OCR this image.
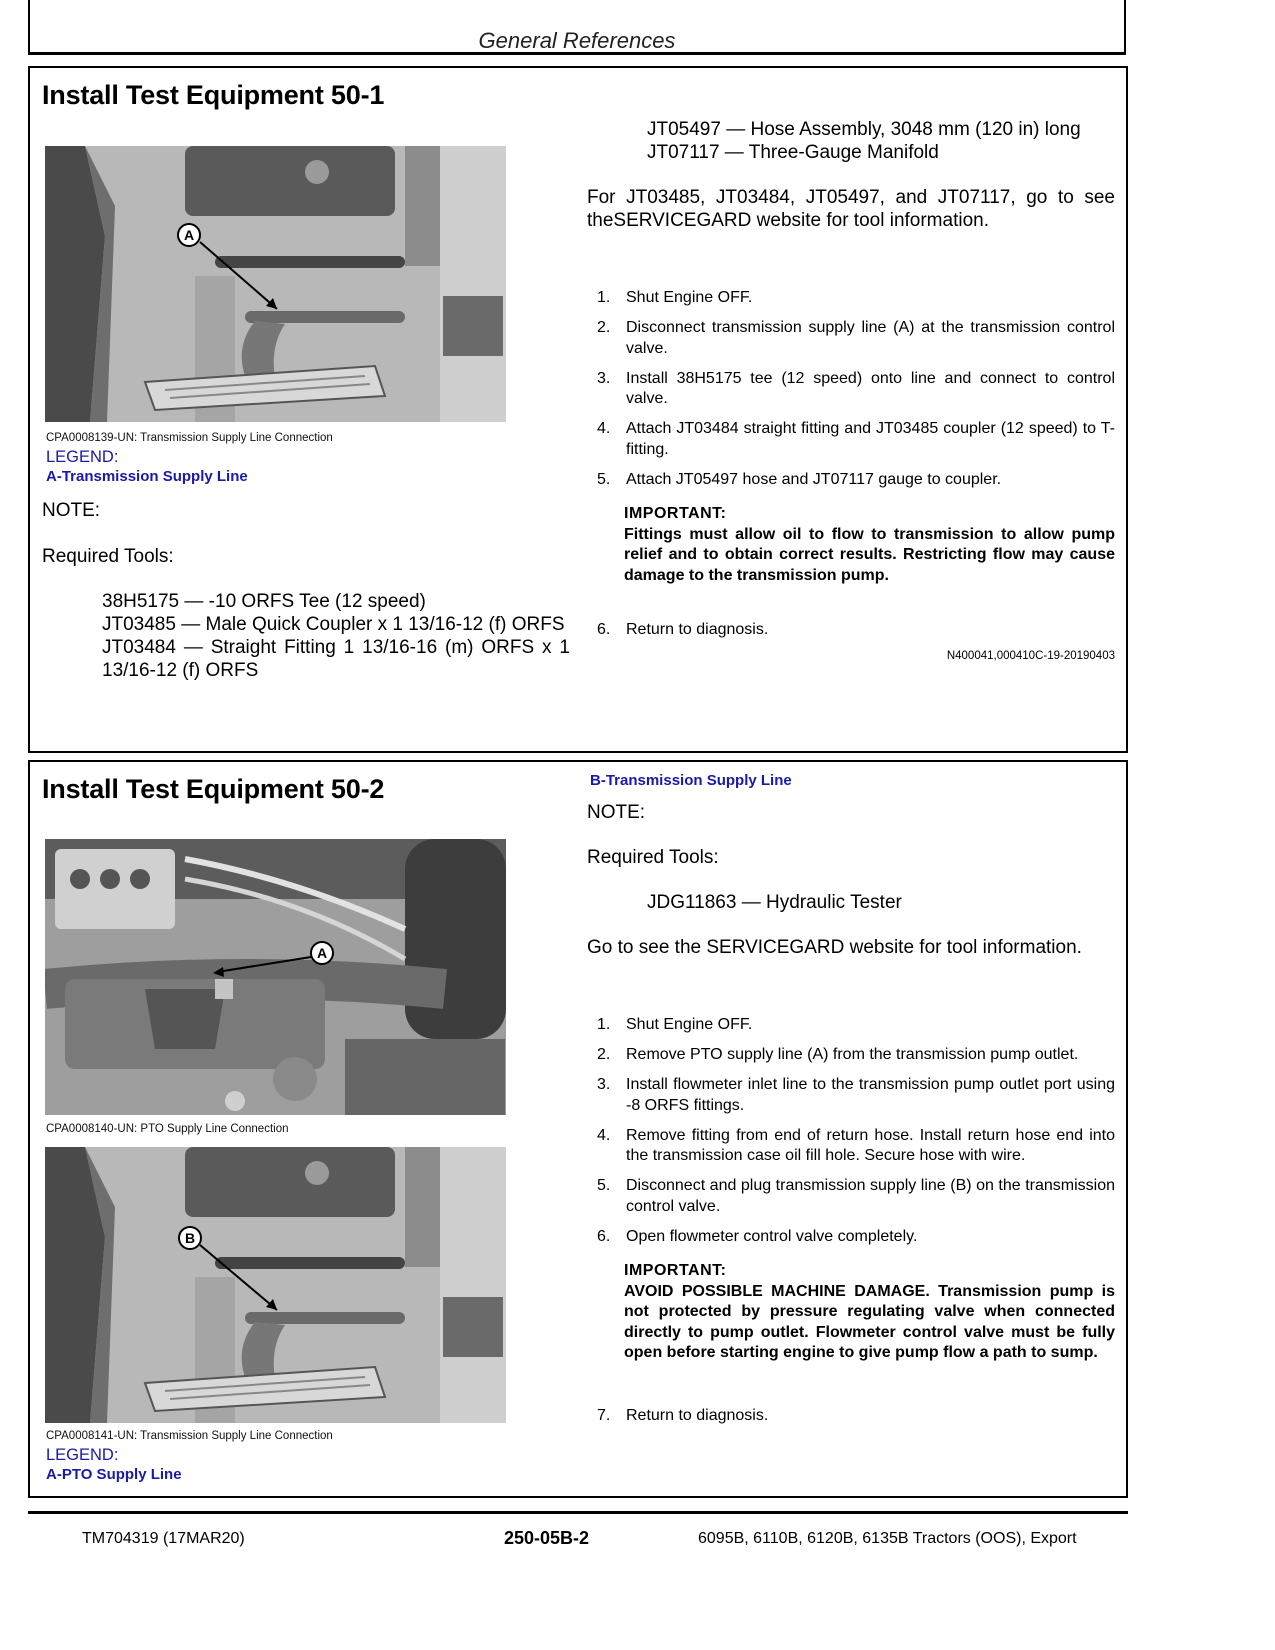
General References
Install Test Equipment 50-1
A
CPA0008139-UN: Transmission Supply Line Connection
LEGEND:
A-Transmission Supply Line
NOTE:
Required Tools:
38H5175 — -10 ORFS Tee (12 speed)
JT03485 — Male Quick Coupler x 1 13/16-12 (f) ORFS
JT03484 — Straight Fitting 1 13/16-16 (m) ORFS x 1 13/16-12 (f) ORFS
JT05497 — Hose Assembly, 3048 mm (120 in) long
JT07117 — Three-Gauge Manifold
For JT03485, JT03484, JT05497, and JT07117, go to see theSERVICEGARD website for tool information.
1. Shut Engine OFF.
2. Disconnect transmission supply line (A) at the transmission control valve.
3. Install 38H5175 tee (12 speed) onto line and connect to control valve.
4. Attach JT03484 straight fitting and JT03485 coupler (12 speed) to T-fitting.
5. Attach JT05497 hose and JT07117 gauge to coupler.
IMPORTANT:
Fittings must allow oil to flow to transmission to allow pump relief and to obtain correct results. Restricting flow may cause damage to the transmission pump.
6. Return to diagnosis.
N400041,000410C-19-20190403
Install Test Equipment 50-2
A
CPA0008140-UN: PTO Supply Line Connection
B
CPA0008141-UN: Transmission Supply Line Connection
LEGEND:
A-PTO Supply Line
B-Transmission Supply Line
NOTE:
Required Tools:
JDG11863 — Hydraulic Tester
Go to see the SERVICEGARD website for tool information.
1. Shut Engine OFF.
2. Remove PTO supply line (A) from the transmission pump outlet.
3. Install flowmeter inlet line to the transmission pump outlet port using -8 ORFS fittings.
4. Remove fitting from end of return hose. Install return hose end into the transmission case oil fill hole. Secure hose with wire.
5. Disconnect and plug transmission supply line (B) on the transmission control valve.
6. Open flowmeter control valve completely.
IMPORTANT:
AVOID POSSIBLE MACHINE DAMAGE. Transmission pump is not protected by pressure regulating valve when connected directly to pump outlet. Flowmeter control valve must be fully open before starting engine to give pump flow a path to sump.
7. Return to diagnosis.
TM704319 (17MAR20)	250-05B-2	6095B, 6110B, 6120B, 6135B Tractors (OOS), Export
